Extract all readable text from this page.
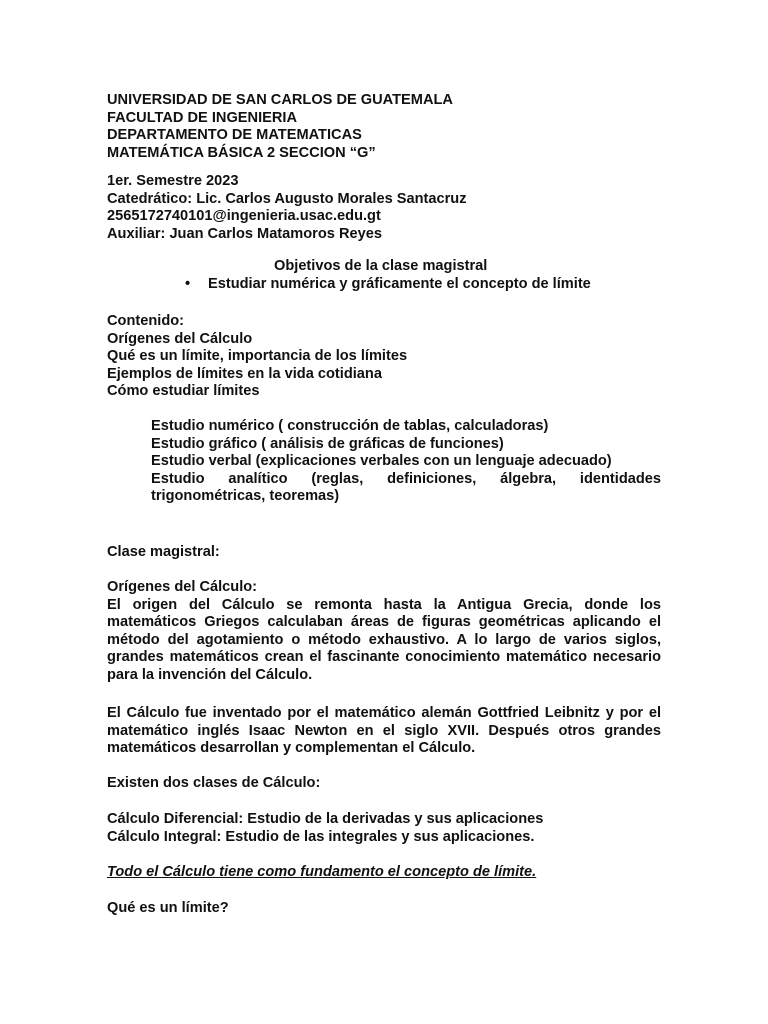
UNIVERSIDAD DE SAN CARLOS DE GUATEMALA
FACULTAD DE INGENIERIA
DEPARTAMENTO DE MATEMATICAS
MATEMÁTICA BÁSICA 2 SECCION “G”
1er. Semestre 2023
Catedrático: Lic. Carlos Augusto Morales Santacruz
2565172740101@ingenieria.usac.edu.gt
Auxiliar: Juan Carlos Matamoros Reyes
Objetivos de la clase magistral
• Estudiar numérica y gráficamente el concepto de límite
Contenido:
Orígenes del Cálculo
Qué es un límite, importancia de los límites
Ejemplos de límites en la vida cotidiana
Cómo estudiar límites
Estudio numérico ( construcción de tablas, calculadoras)
Estudio gráfico ( análisis de gráficas de funciones)
Estudio verbal (explicaciones verbales con un lenguaje adecuado)
Estudio analítico (reglas, definiciones, álgebra, identidades
trigonométricas, teoremas)
Clase magistral:
Orígenes del Cálculo:
El origen del Cálculo se remonta hasta la Antigua Grecia, donde los matemáticos Griegos calculaban áreas de figuras geométricas aplicando el método del agotamiento o método exhaustivo. A lo largo de varios siglos, grandes matemáticos crean el fascinante conocimiento matemático necesario para la invención del Cálculo.
El Cálculo fue inventado por el matemático alemán Gottfried Leibnitz y por el matemático inglés Isaac Newton en el siglo XVII. Después otros grandes matemáticos desarrollan y complementan el Cálculo.
Existen dos clases de Cálculo:
Cálculo Diferencial: Estudio de la derivadas y sus aplicaciones
Cálculo Integral: Estudio de las integrales y sus aplicaciones.
Todo el Cálculo tiene como fundamento el concepto de límite.
Qué es un límite?
